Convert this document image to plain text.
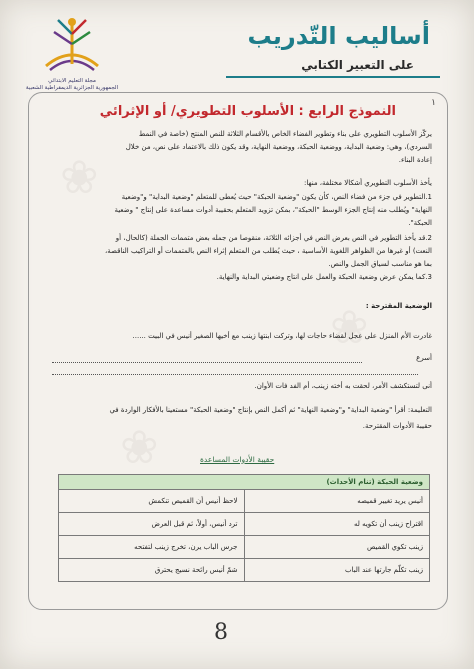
❀
❀
❀
مجلة التعليم الابتدائي
الجمهورية الجزائرية الديمقراطية الشعبية
أساليب التّدريب
على التعبير الكتابي
١
النموذج الرابع : الأسلوب التطويري/ أو الإثرائي

يركّز الأسلوب التطويري على بناء وتطوير الفضاء الخاص بالأقسام الثلاثة للنص المنتج (خاصة في النمط

السردي)، وهي: وضعية البداية، ووضعية الحبكة، ووضعية النهاية، وقد يكون ذلك بالاعتماد على نص، من خلال

إعادة البناء.

يأخذ الأسلوب التطويري أشكالا مختلفة، منها:

1.التطوير في جزء من فضاء النص، كأن يكون "وضعية الحبكة" حيث يُعطى للمتعلم "وضعية البداية" و"وضعية

النهاية" ويُطلب منه إنتاج الجزء الوسط "الحبكة"، بمكن تزويد المتعلم بحقيبة أدوات مساعدة على إنتاج " وضعية

الحبكة".

2.قد يأخذ التطوير في النص بعرض النص في أجزائه الثلاثة، منقوصا من جمله بعض متممات الجملة (كالحال، أو

النعت) أو غيرها من الظواهر اللغوية الأساسية ، حيث يُطلب من المتعلم إثراء النص بالمتممات أو التراكيب الناقصة،

بما هو مناسب لسياق الجمل والنص.

3.كما يمكن عرض وضعية الحبكة والعمل على انتاج وضعيتي البداية والنهاية.

الوضعية المقترحة :

غادرت الأم المنزل على عجل لقضاء حاجات لها، وتركت ابنتها زينب مع أخيها الصغير أنيس في البيت ......

أسرع

أنى لتستكشف الأمر، لحقت به أخته زينب، أم الفد فات الأوان.

التعليمة: أقرأ "وضعية البداية" و"وضعية النهاية" ثم أكمل النص بإنتاج "وضعية الحبكة" مستعينا بالأفكار الواردة في

حقيبة الأدوات المقترحة.

حقيبة الأدوات المساعدة
وضعية الحبكة (تنام الأحداث)	
أنيس يريد تغيير قميصه	لاحظ أنيس أن القميص تنكمش
اقتراح زينب أن تكويه له	ترد أنيس، أولاً، ثم قبل العرض
زينب تكوي القميص	جرس الباب يرن، تخرج زينب لتفتحه
زينب تكلّم جارتها عند الباب	شمّ أنيس رائحة نسيج يحترق
8
